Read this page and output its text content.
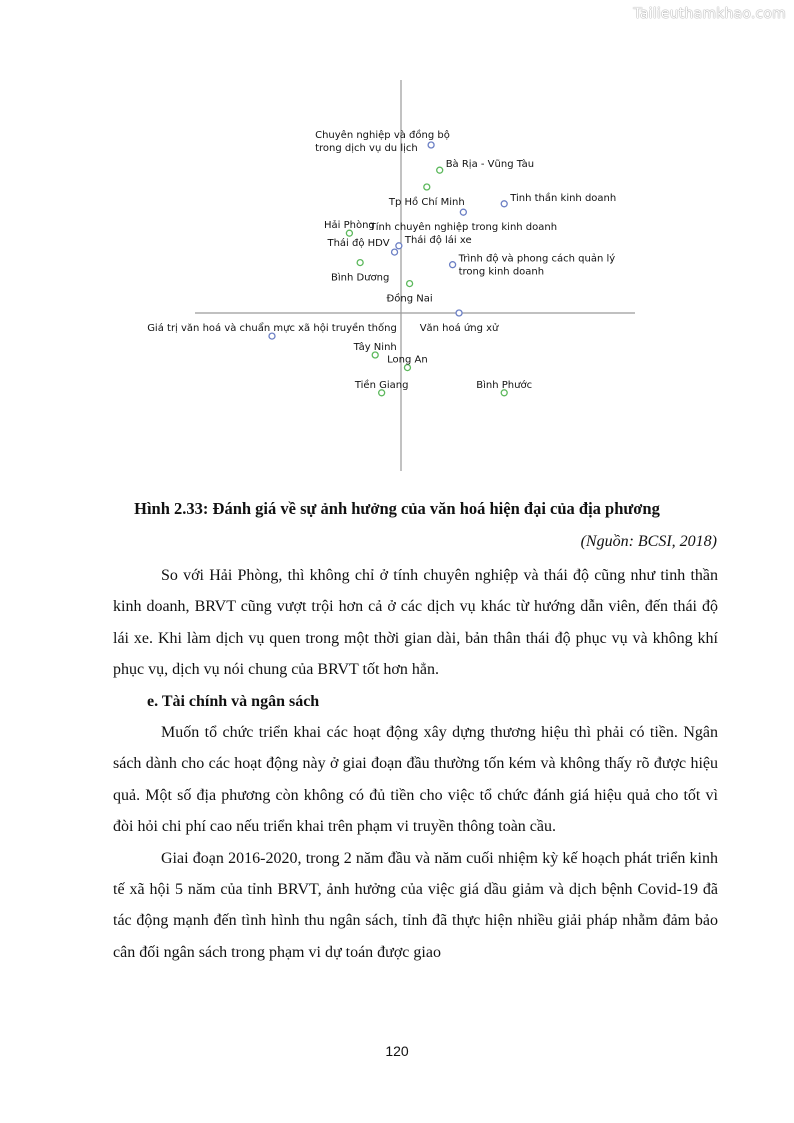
Tailieuthamkhao.com
Bà Rịa - Vũng Tàu
Tp Hồ Chí Minh
Hải Phòng
Bình Dương
Đồng Nai
Tây Ninh
Long An
Tiền Giang	Bình Phước
Chuyên nghiệp và đồng bộ
trong dịch vụ du lịch
Tinh thần kinh doanh
Tính chuyên nghiệp trong kinh doanh
Thái độ lái xe
Thái độ HDV
Trình độ và phong cách quản lý
trong kinh doanh
Văn hoá ứng xử
Giá trị văn hoá và chuẩn mực xã hội truyền thống
Hình 2.33: Đánh giá về sự ảnh hưởng của văn hoá hiện đại của địa phương
(Nguồn: BCSI, 2018)

So với Hải Phòng, thì không chỉ ở tính chuyên nghiệp và thái độ cũng như tinh thần kinh doanh, BRVT cũng vượt trội hơn cả ở các dịch vụ khác từ hướng dẫn viên, đến thái độ lái xe. Khi làm dịch vụ quen trong một thời gian dài, bản thân thái độ phục vụ và không khí phục vụ, dịch vụ nói chung của BRVT tốt hơn hẳn.

e. Tài chính và ngân sách

Muốn tổ chức triển khai các hoạt động xây dựng thương hiệu thì phải có tiền. Ngân sách dành cho các hoạt động này ở giai đoạn đầu thường tốn kém và không thấy rõ được hiệu quả. Một số địa phương còn không có đủ tiền cho việc tổ chức đánh giá hiệu quả cho tốt vì đòi hỏi chi phí cao nếu triển khai trên phạm vi truyền thông toàn cầu.

Giai đoạn 2016-2020, trong 2 năm đầu và năm cuối nhiệm kỳ kế hoạch phát triển kinh tế xã hội 5 năm của tỉnh BRVT, ảnh hưởng của việc giá dầu giảm và dịch bệnh Covid-19 đã tác động mạnh đến tình hình thu ngân sách, tỉnh đã thực hiện nhiều giải pháp nhằm đảm bảo cân đối ngân sách trong phạm vi dự toán được giao

120
